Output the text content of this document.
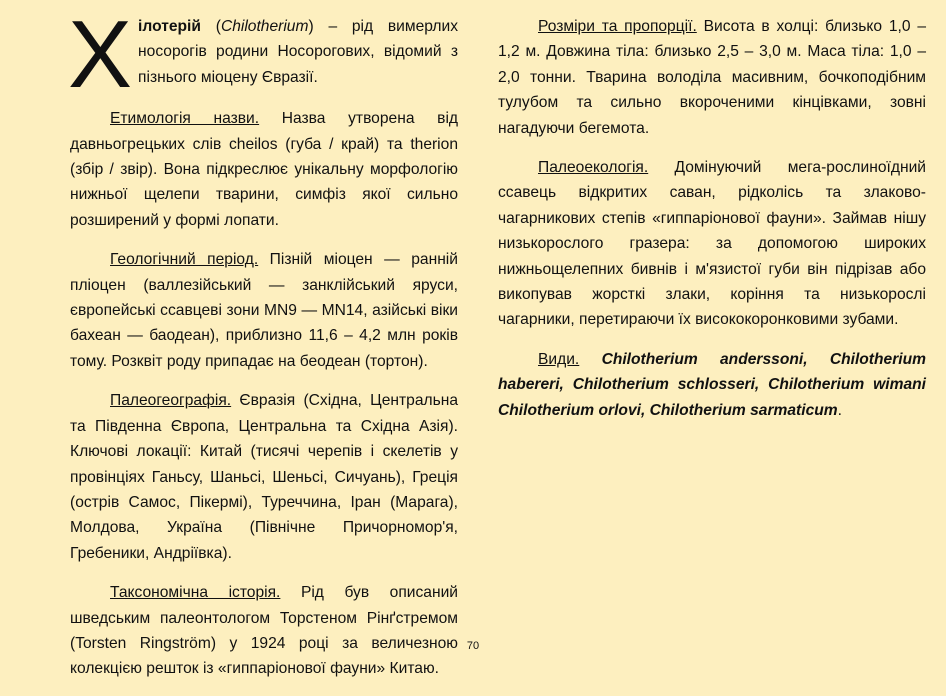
Хілотерій (Chilotherium) – рід вимерлих носорогів родини Носорогових, відомий з пізнього міоцену Євразії.

Етимологія назви. Назва утворена від давньогрецьких слів cheilos (губа / край) та therion (збір / звір). Вона підкреслює унікальну морфологію нижньої щелепи тварини, симфіз якої сильно розширений у формі лопати.

Геологічний період. Пізній міоцен — ранній пліоцен (валлезійський — занклійський яруси, європейські ссавцеві зони MN9 — MN14, азійські віки бахеан — баодеан), приблизно 11,6 – 4,2 млн років тому. Розквіт роду припадає на беодеан (тортон).

Палеогеографія. Євразія (Східна, Центральна та Південна Європа, Центральна та Східна Азія). Ключові локації: Китай (тисячі черепів і скелетів у провінціях Ганьсу, Шаньсі, Шеньсі, Сичуань), Греція (острів Самос, Пікермі), Туреччина, Іран (Марага), Молдова, Україна (Північне Причорномор'я, Гребеники, Андріївка).

Таксономічна історія. Рід був описаний шведським палеонтологом Торстеном Рінґстремом (Torsten Ringström) у 1924 році за величезною колекцією решток із «гиппаріонової фауни» Китаю.

Розміри та пропорції. Висота в холці: близько 1,0 – 1,2 м. Довжина тіла: близько 2,5 – 3,0 м. Маса тіла: 1,0 – 2,0 тонни. Тварина володіла масивним, бочкоподібним тулубом та сильно вкороченими кінцівками, зовні нагадуючи бегемота.

Палеоекологія. Домінуючий мега-рослиноїдний ссавець відкритих саван, рідколісь та злаково-чагарникових степів «гиппаріонової фауни». Займав нішу низькорослого гразера: за допомогою широких нижньощелепних бивнів і м'язистої губи він підрізав або викопував жорсткі злаки, коріння та низькорослі чагарники, перетираючи їх висококоронковими зубами.

Види. Chilotherium anderssoni, Chilotherium habereri, Chilotherium schlosseri, Chilotherium wimani Chilotherium orlovi, Chilotherium sarmaticum.

70
